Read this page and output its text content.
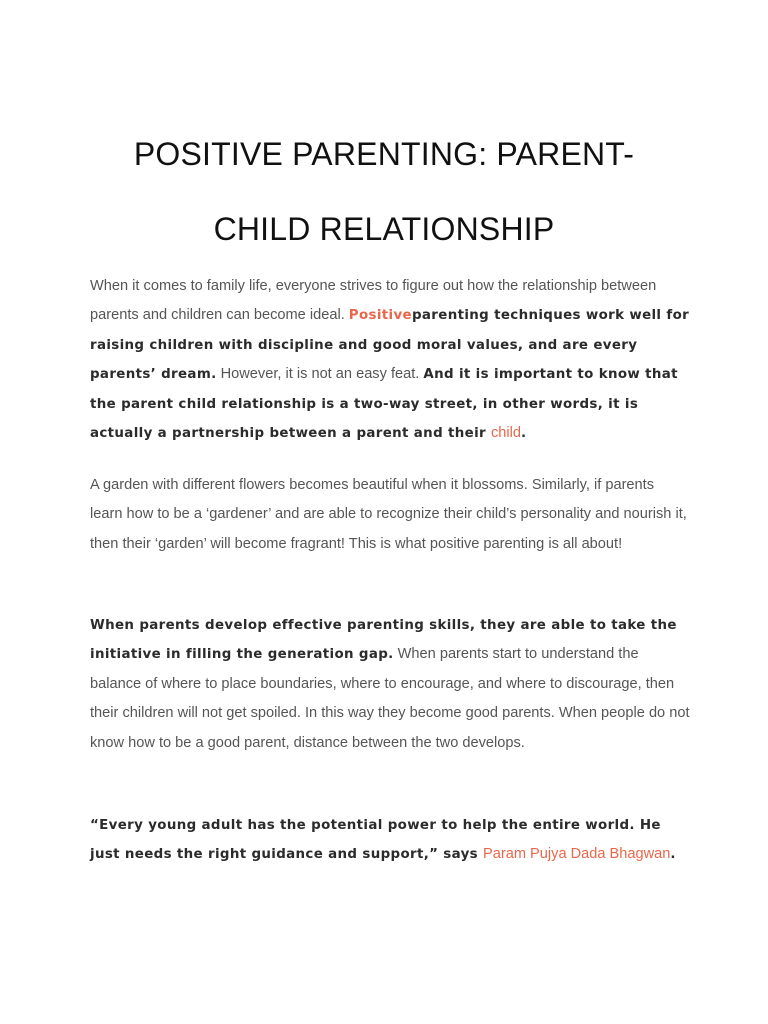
POSITIVE PARENTING: PARENT-
CHILD RELATIONSHIP

When it comes to family life, everyone strives to figure out how the relationship between parents and children can become ideal. Positiveparenting techniques work well for raising children with discipline and good moral values, and are every parents’ dream. However, it is not an easy feat. And it is important to know that the parent child relationship is a two-way street, in other words, it is actually a partnership between a parent and their child.

A garden with different flowers becomes beautiful when it blossoms. Similarly, if parents learn how to be a ‘gardener’ and are able to recognize their child’s personality and nourish it, then their ‘garden’ will become fragrant! This is what positive parenting is all about!

When parents develop effective parenting skills, they are able to take the initiative in filling the generation gap. When parents start to understand the balance of where to place boundaries, where to encourage, and where to discourage, then their children will not get spoiled. In this way they become good parents. When people do not know how to be a good parent, distance between the two develops.

“Every young adult has the potential power to help the entire world. He just needs the right guidance and support,” says Param Pujya Dada Bhagwan.
